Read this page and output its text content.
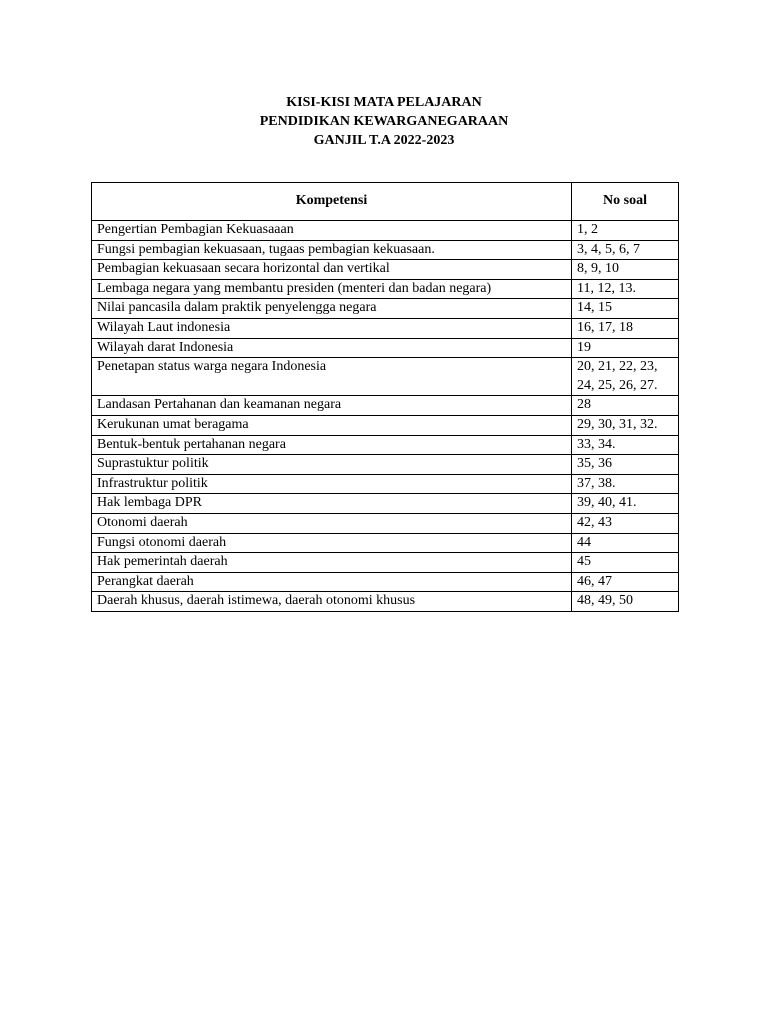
KISI-KISI MATA PELAJARAN

PENDIDIKAN KEWARGANEGARAAN

GANJIL T.A 2022-2023

Kompetensi	No soal
Pengertian Pembagian Kekuasaaan	1, 2
Fungsi pembagian kekuasaan, tugaas pembagian kekuasaan.	3, 4, 5, 6, 7
Pembagian kekuasaan secara horizontal dan vertikal	8, 9, 10
Lembaga negara yang membantu presiden (menteri dan badan negara)	11, 12, 13.
Nilai pancasila dalam praktik penyelengga negara	14, 15
Wilayah Laut indonesia	16, 17, 18
Wilayah darat Indonesia	19
Penetapan status warga negara Indonesia	20, 21, 22, 23,
24, 25, 26, 27.

Landasan Pertahanan dan keamanan negara	28
Kerukunan umat beragama	29, 30, 31, 32.
Bentuk-bentuk pertahanan negara	33, 34.
Suprastuktur politik	35, 36
Infrastruktur politik	37, 38.
Hak lembaga DPR	39, 40, 41.
Otonomi daerah	42, 43
Fungsi otonomi daerah	44
Hak pemerintah daerah	45
Perangkat daerah	46, 47
Daerah khusus, daerah istimewa, daerah otonomi khusus	48, 49, 50
